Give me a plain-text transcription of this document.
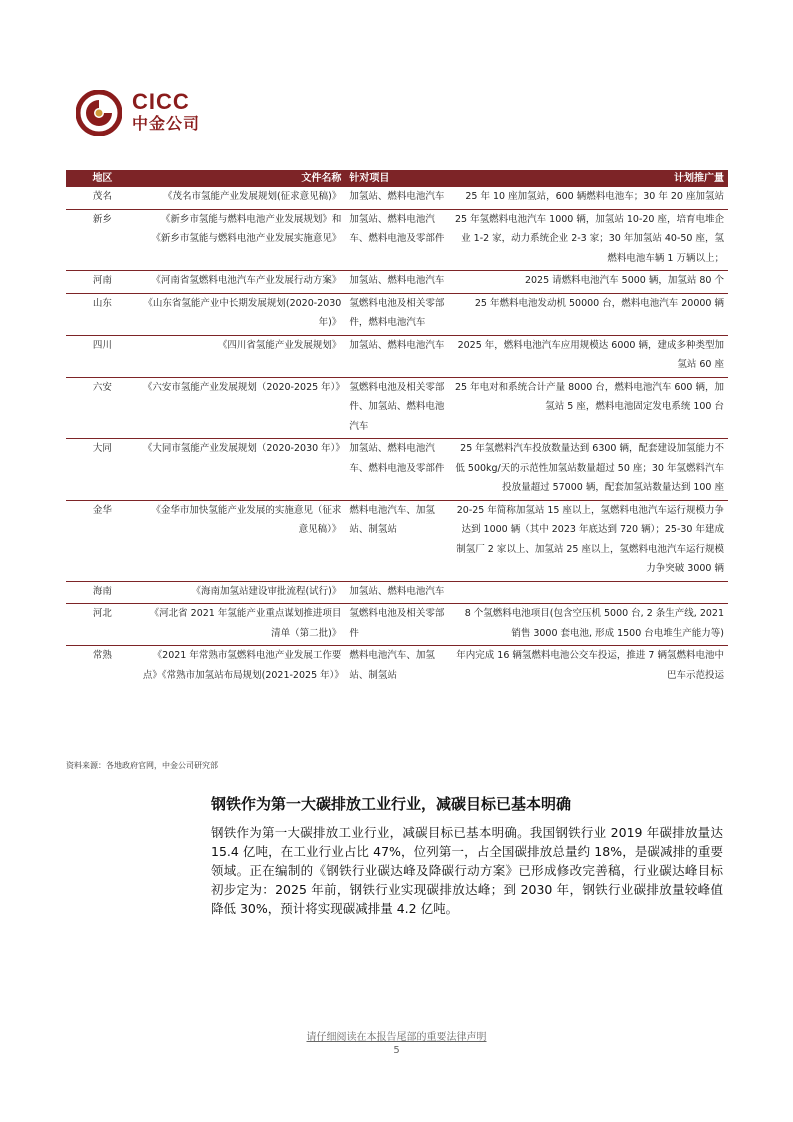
CICC
中金公司
地区	文件名称	针对项目	计划推广量
茂名	《茂名市氢能产业发展规划(征求意见稿)》	加氢站、燃料电池汽车	25 年 10 座加氢站，600 辆燃料电池车；30 年 20 座加氢站
新乡	《新乡市氢能与燃料电池产业发展规划》和《新乡市氢能与燃料电池产业发展实施意见》	加氢站、燃料电池汽车、燃料电池及零部件	25 年氢燃料电池汽车 1000 辆，加氢站 10-20 座，培育电堆企业 1-2 家，动力系统企业 2-3 家；30 年加氢站 40-50 座，氢燃料电池车辆 1 万辆以上；
河南	《河南省氢燃料电池汽车产业发展行动方案》	加氢站、燃料电池汽车	2025 请燃料电池汽车 5000 辆，加氢站 80 个
山东	《山东省氢能产业中长期发展规划(2020-2030 年)》	氢燃料电池及相关零部件，燃料电池汽车	25 年燃料电池发动机 50000 台，燃料电池汽车 20000 辆
四川	《四川省氢能产业发展规划》	加氢站、燃料电池汽车	2025 年，燃料电池汽车应用规模达 6000 辆，建成多种类型加氢站 60 座
六安	《六安市氢能产业发展规划（2020-2025 年）》	氢燃料电池及相关零部件、加氢站、燃料电池汽车	25 年电对和系统合计产量 8000 台，燃料电池汽车 600 辆，加氢站 5 座，燃料电池固定发电系统 100 台
大同	《大同市氢能产业发展规划（2020-2030 年）》	加氢站、燃料电池汽车、燃料电池及零部件	25 年氢燃料汽车投放数量达到 6300 辆，配套建设加氢能力不低 500kg/天的示范性加氢站数量超过 50 座；30 年氢燃料汽车投放量超过 57000 辆，配套加氢站数量达到 100 座
金华	《金华市加快氢能产业发展的实施意见（征求意见稿）》	燃料电池汽车、加氢站、制氢站	20-25 年简称加氢站 15 座以上，氢燃料电池汽车运行规模力争达到 1000 辆（其中 2023 年底达到 720 辆）；25-30 年建成制氢厂 2 家以上、加氢站 25 座以上，氢燃料电池汽车运行规模力争突破 3000 辆
海南	《海南加氢站建设审批流程(试行)》	加氢站、燃料电池汽车	
河北	《河北省 2021 年氢能产业重点谋划推进项目清单（第二批)》	氢燃料电池及相关零部件	8 个氢燃料电池项目(包含空压机 5000 台, 2 条生产线, 2021 销售 3000 套电池, 形成 1500 台电堆生产能力等)
常熟	《2021 年常熟市氢燃料电池产业发展工作要点》《常熟市加氢站布局规划(2021-2025 年）》	燃料电池汽车、加氢站、制氢站	年内完成 16 辆氢燃料电池公交车投运，推进 7 辆氢燃料电池中巴车示范投运
资料来源：各地政府官网，中金公司研究部
钢铁作为第一大碳排放工业行业，减碳目标已基本明确
钢铁作为第一大碳排放工业行业，减碳目标已基本明确。我国钢铁行业 2019 年碳排放量达 15.4 亿吨，在工业行业占比 47%，位列第一，占全国碳排放总量约 18%，是碳减排的重要领域。正在编制的《钢铁行业碳达峰及降碳行动方案》已形成修改完善稿，行业碳达峰目标初步定为：2025 年前，钢铁行业实现碳排放达峰；到 2030 年，钢铁行业碳排放量较峰值降低 30%，预计将实现碳减排量 4.2 亿吨。
请仔细阅读在本报告尾部的重要法律声明
5
